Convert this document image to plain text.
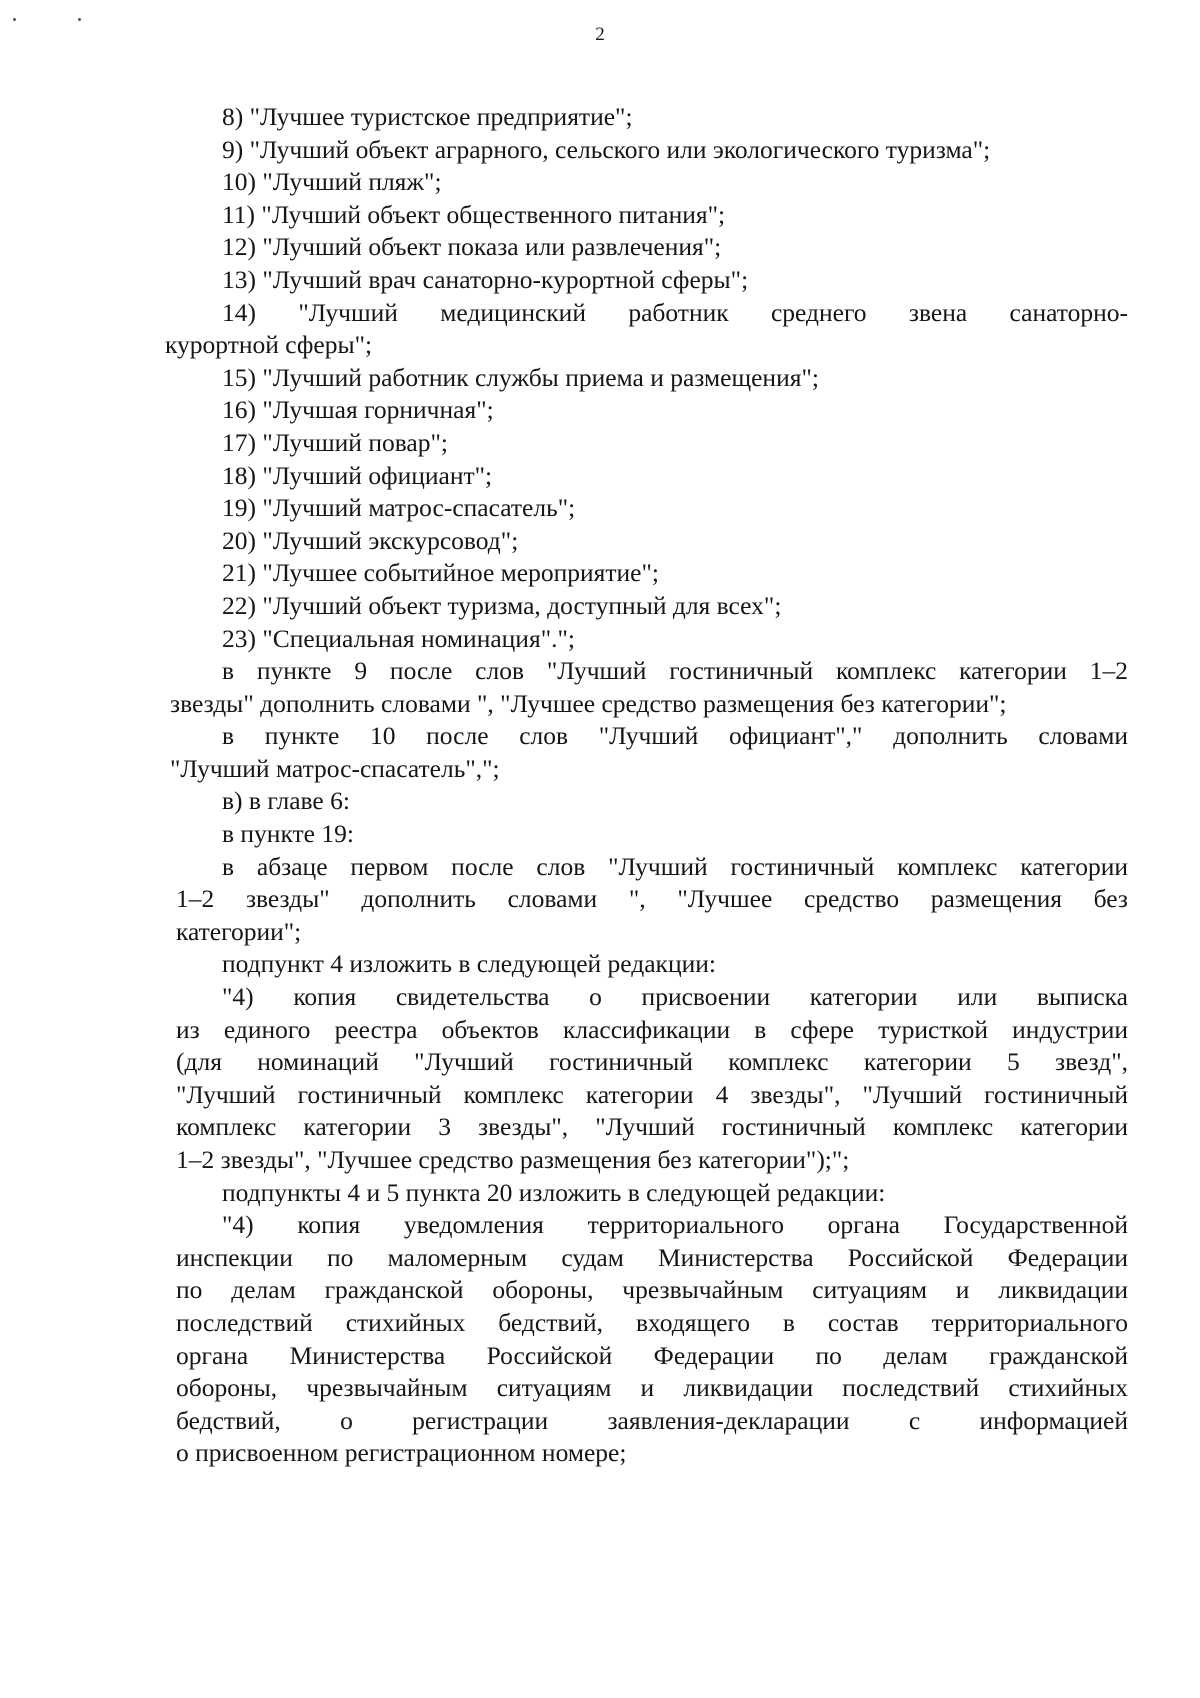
2
8) "Лучшее туристское предприятие";
9) "Лучший объект аграрного, сельского или экологического туризма";
10) "Лучший пляж";
11) "Лучший объект общественного питания";
12) "Лучший объект показа или развлечения";
13) "Лучший врач санаторно-курортной сферы";
14) "Лучший медицинский работник среднего звена санаторно-
курортной сферы";
15) "Лучший работник службы приема и размещения";
16) "Лучшая горничная";
17) "Лучший повар";
18) "Лучший официант";
19) "Лучший матрос-спасатель";
20) "Лучший экскурсовод";
21) "Лучшее событийное мероприятие";
22) "Лучший объект туризма, доступный для всех";
23) "Специальная номинация".";
в пункте 9 после слов "Лучший гостиничный комплекс категории 1–2
звезды" дополнить словами ", "Лучшее средство размещения без категории";
в пункте 10 после слов "Лучший официант"," дополнить словами
"Лучший матрос-спасатель",";
в) в главе 6:
в пункте 19:
в абзаце первом после слов "Лучший гостиничный комплекс категории
1–2 звезды" дополнить словами ", "Лучшее средство размещения без
категории";
подпункт 4 изложить в следующей редакции:
"4) копия свидетельства о присвоении категории или выписка
из единого реестра объектов классификации в сфере туристкой индустрии
(для номинаций "Лучший гостиничный комплекс категории 5 звезд",
"Лучший гостиничный комплекс категории 4 звезды", "Лучший гостиничный
комплекс категории 3 звезды", "Лучший гостиничный комплекс категории
1–2 звезды", "Лучшее средство размещения без категории");";
подпункты 4 и 5 пункта 20 изложить в следующей редакции:
"4) копия уведомления территориального органа Государственной
инспекции по маломерным судам Министерства Российской Федерации
по делам гражданской обороны, чрезвычайным ситуациям и ликвидации
последствий стихийных бедствий, входящего в состав территориального
органа Министерства Российской Федерации по делам гражданской
обороны, чрезвычайным ситуациям и ликвидации последствий стихийных
бедствий, о регистрации заявления-декларации с информацией
о присвоенном регистрационном номере;
